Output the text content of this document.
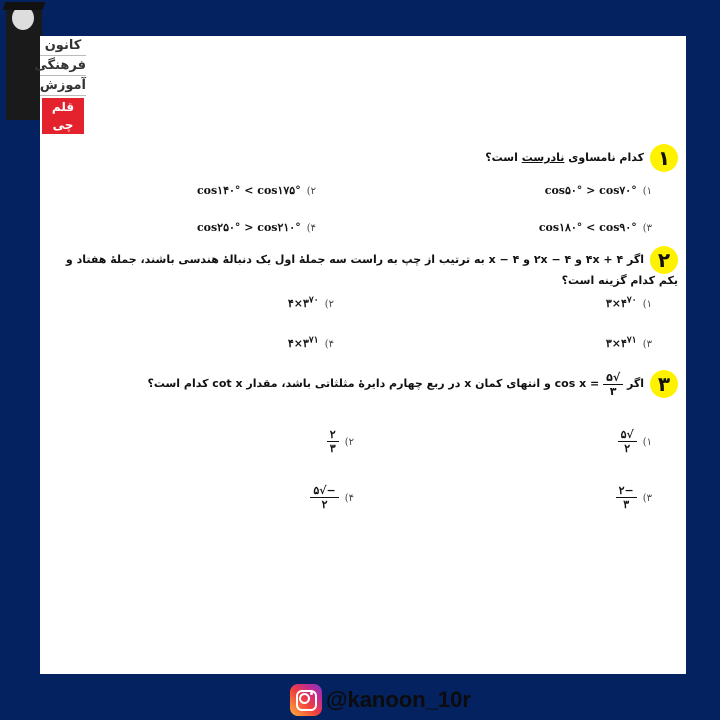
۱کدام نامساوی نادرست است؟
۱)cos۵۰° > cos۷۰°
۲)cos۱۴۰° < cos۱۷۵°
۳)cos۱۸۰° < cos۹۰°
۴)cos۲۵۰° > cos۲۱۰°
۲اگر ۴ + ۴x و ۴ − ۲x و ۴ − x به ترتیب از چپ به راست سه جملهٔ اول یک دنبالهٔ هندسی باشند، جملهٔ هفتاد و یکم کدام گزینه است؟
$۱)۳\times ۴^{۷۰}$
$۲)۴\times ۳^{۷۰}$
$۳)۳\times ۴^{۷۱}$
$۴)۴\times ۳^{۷۱}$
۳اگر
$\frac{√۵}{۳}$
cos x = و انتهای کمان x در ربع چهارم دایرهٔ مثلثاتی باشد، مقدار cot x کدام است؟
۱)
$\frac{√۵}{۲}$
۲)
$\frac{۲}{۳}$
۳)
$\frac{-۲}{۳}$
۴)
$\frac{-√۵}{۲}$
کانون
فرهنگی
آموزش
قلم چی
@kanoon_10r
